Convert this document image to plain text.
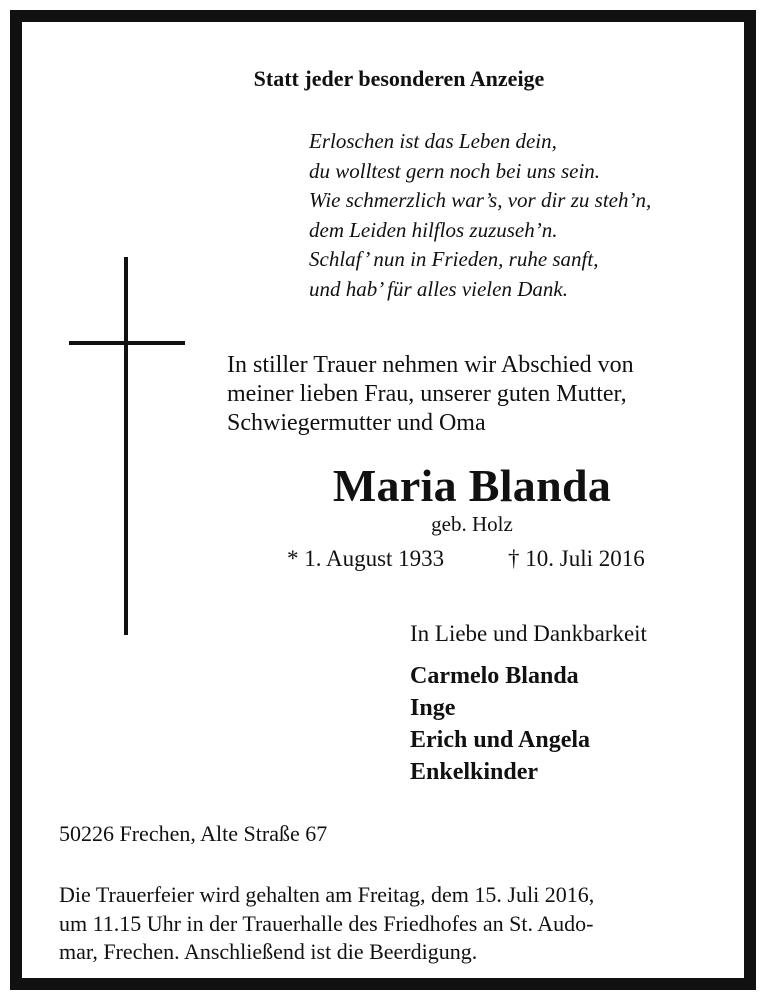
Statt jeder besonderen Anzeige
Erloschen ist das Leben dein,
du wolltest gern noch bei uns sein.
Wie schmerzlich war’s, vor dir zu steh’n,
dem Leiden hilflos zuzuseh’n.
Schlaf’ nun in Frieden, ruhe sanft,
und hab’ für alles vielen Dank.
In stiller Trauer nehmen wir Abschied von
meiner lieben Frau, unserer guten Mutter,
Schwiegermutter und Oma
Maria Blanda
geb. Holz
* 1. August 1933	† 10. Juli 2016
In Liebe und Dankbarkeit
Carmelo Blanda
Inge
Erich und Angela
Enkelkinder
50226 Frechen, Alte Straße 67
Die Trauerfeier wird gehalten am Freitag, dem 15. Juli 2016,
um 11.15 Uhr in der Trauerhalle des Friedhofes an St. Audo-
mar, Frechen. Anschließend ist die Beerdigung.
